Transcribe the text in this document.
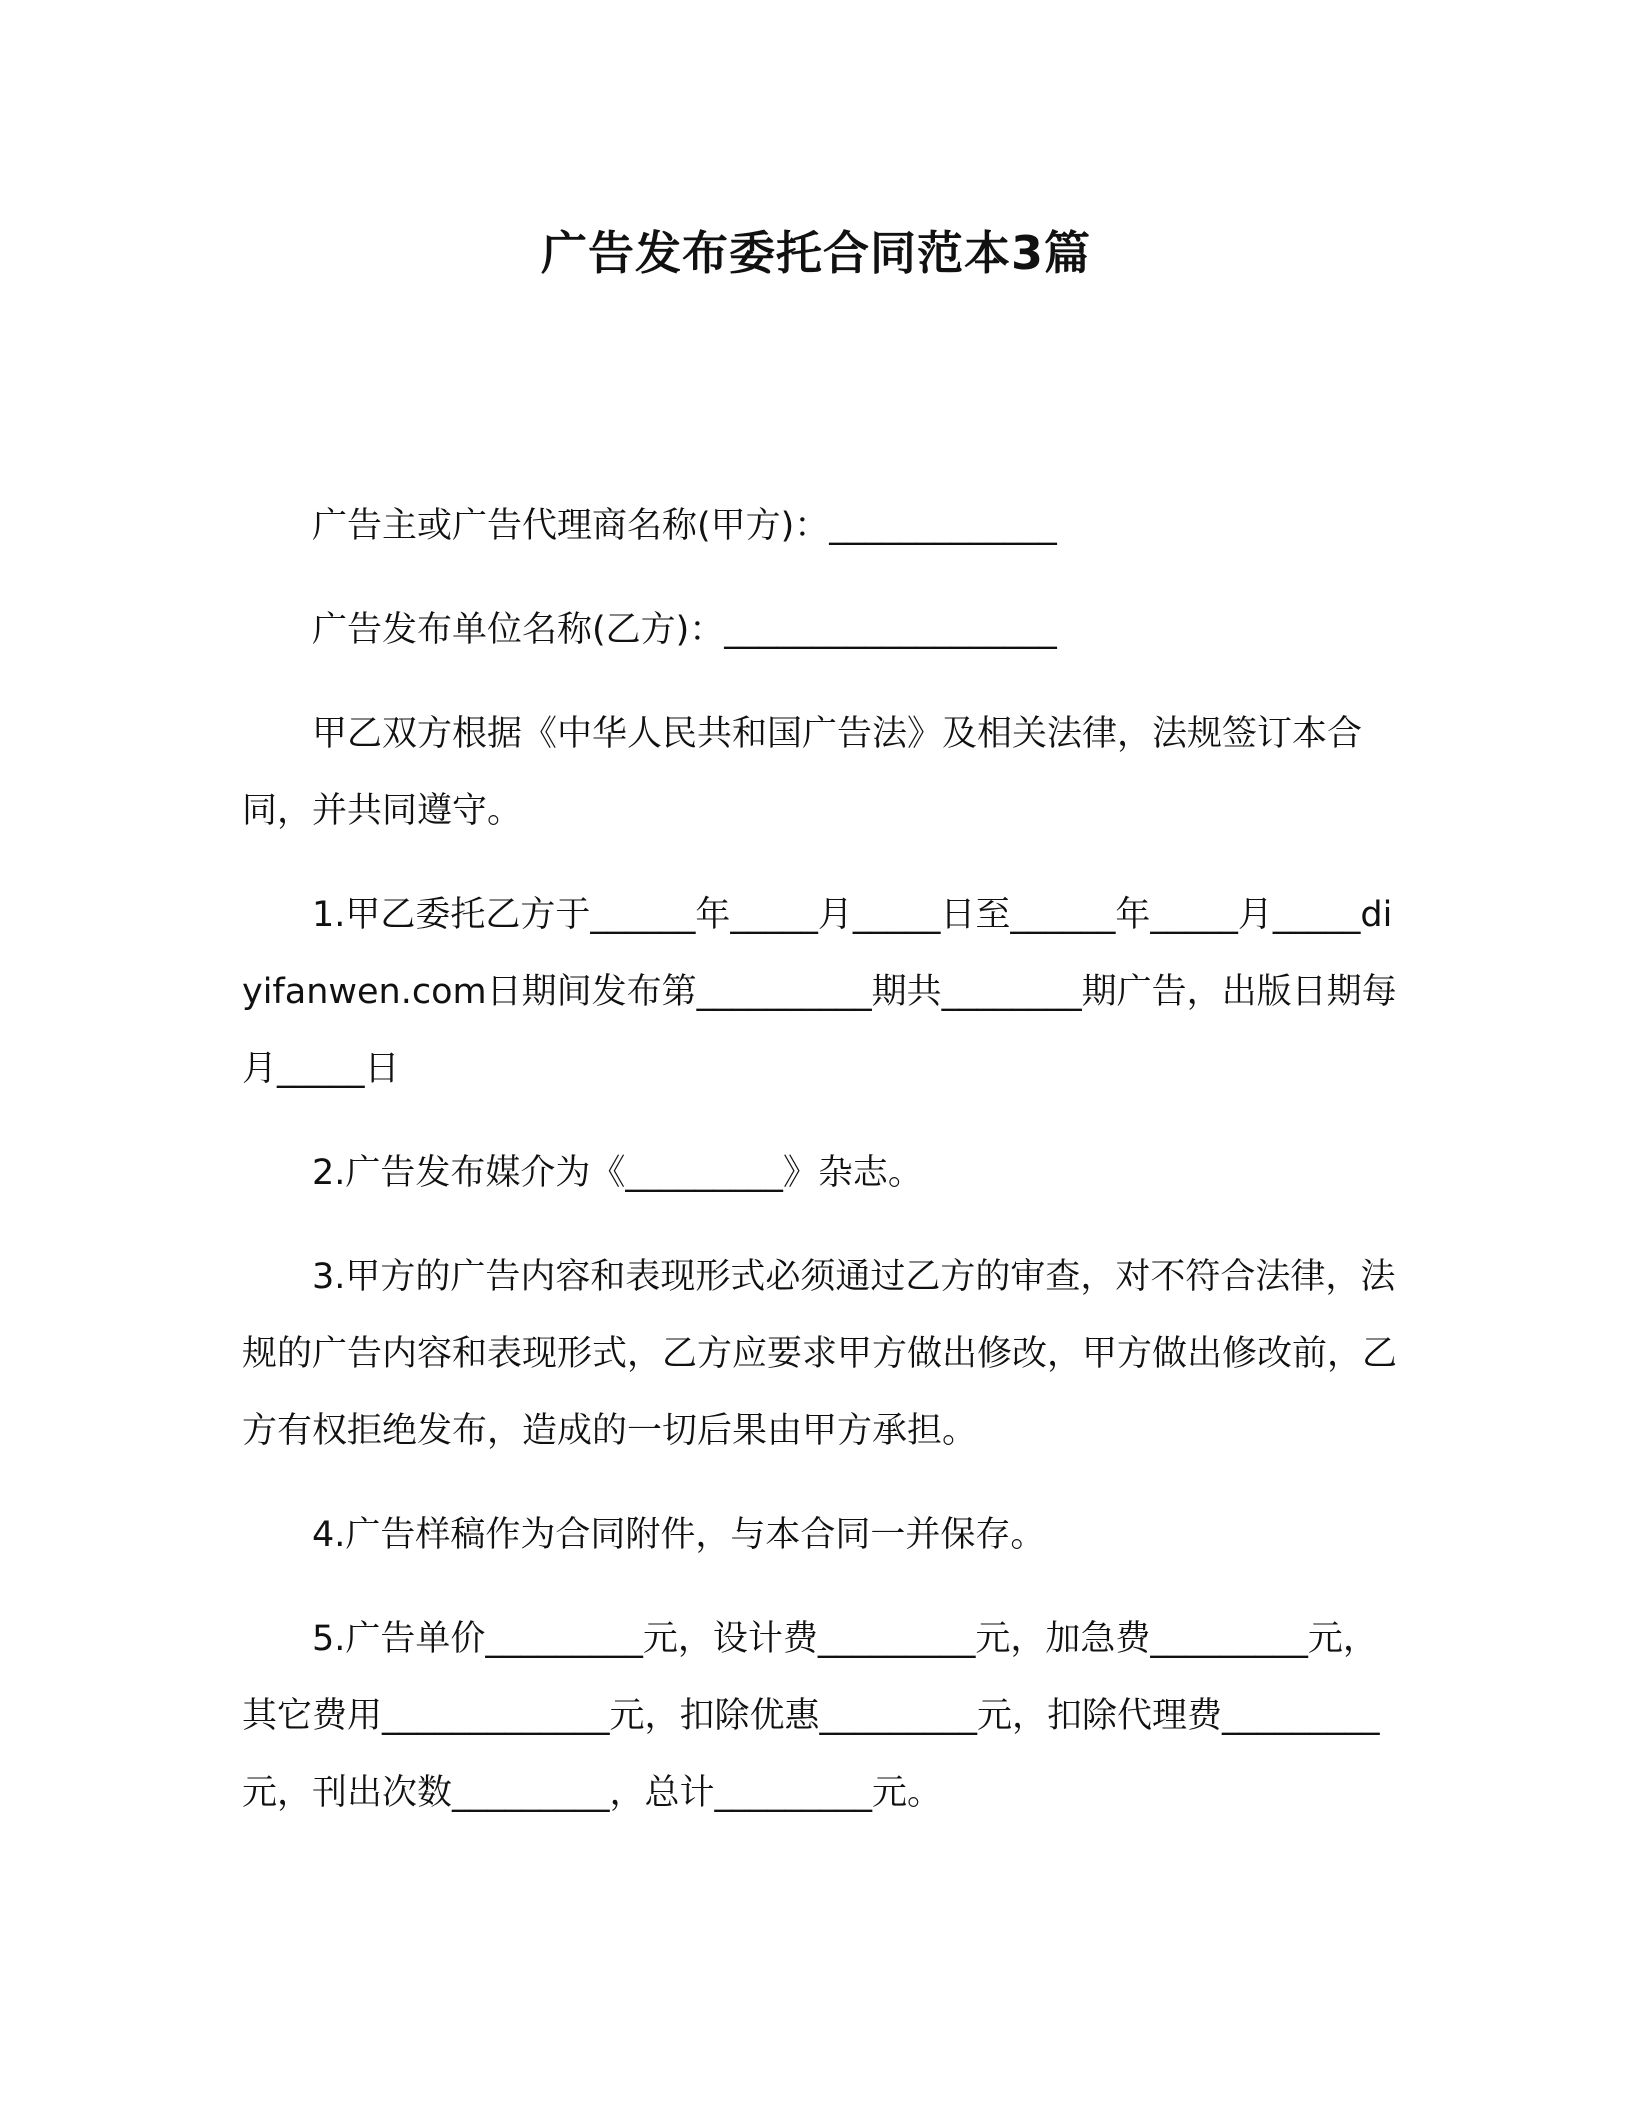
广告发布委托合同范本3篇

广告主或广告代理商名称(甲方)：_____________

广告发布单位名称(乙方)：___________________

甲乙双方根据《中华人民共和国广告法》及相关法律，法规签订本合同，并共同遵守。

1.甲乙委托乙方于______年_____月_____日至______年_____月_____diyifanwen.com日期间发布第__________期共________期广告，出版日期每月_____日

2.广告发布媒介为《_________》杂志。

3.甲方的广告内容和表现形式必须通过乙方的审查，对不符合法律，法规的广告内容和表现形式，乙方应要求甲方做出修改，甲方做出修改前，乙方有权拒绝发布，造成的一切后果由甲方承担。

4.广告样稿作为合同附件，与本合同一并保存。

5.广告单价_________元，设计费_________元，加急费_________元，其它费用_____________元，扣除优惠_________元，扣除代理费_________元，刊出次数_________，总计_________元。
